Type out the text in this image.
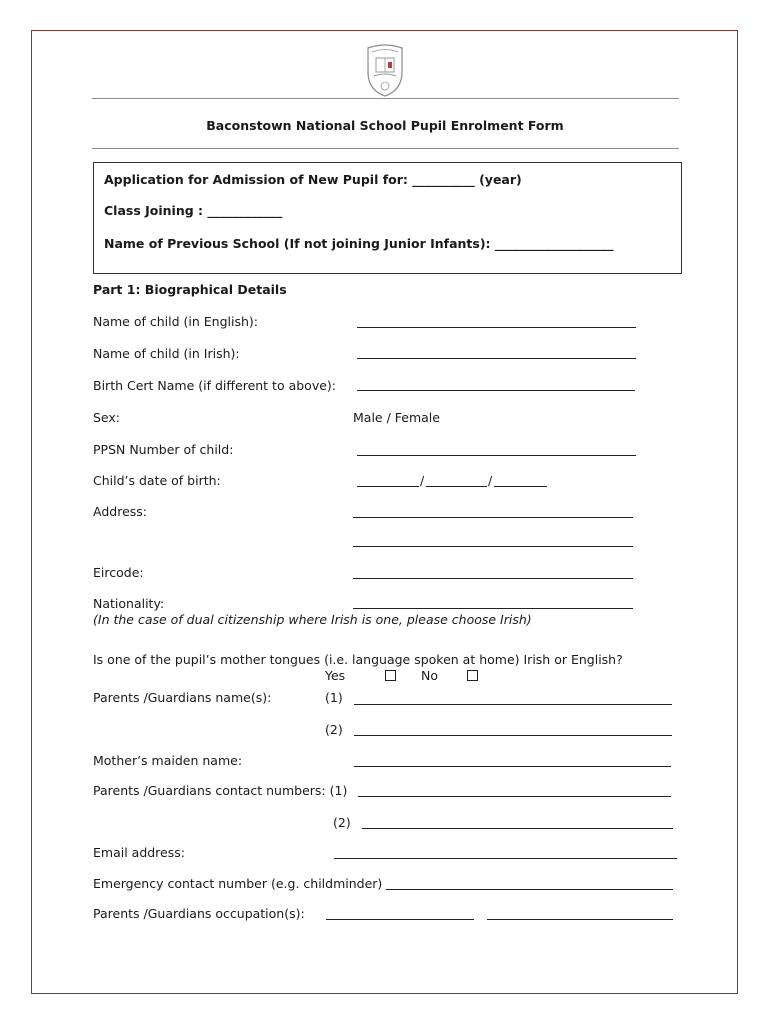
Baconstown National School Pupil Enrolment Form
Application for Admission of New Pupil for: __________ (year)
Class Joining : ____________
Name of Previous School (If not joining Junior Infants): ___________________
Part 1: Biographical Details
Name of child (in English):
Name of child (in Irish):
Birth Cert Name (if different to above):
Sex:	Male / Female
PPSN Number of child:
Child’s date of birth:	/	/
Address:
Eircode:
Nationality:
(In the case of dual citizenship where Irish is one, please choose Irish)
Is one of the pupil’s mother tongues (i.e. language spoken at home) Irish or English?
Yes	No
Parents /Guardians name(s):	(1)
(2)
Mother’s maiden name:
Parents /Guardians contact numbers: (1)
(2)
Email address:
Emergency contact number (e.g. childminder)
Parents /Guardians occupation(s):
